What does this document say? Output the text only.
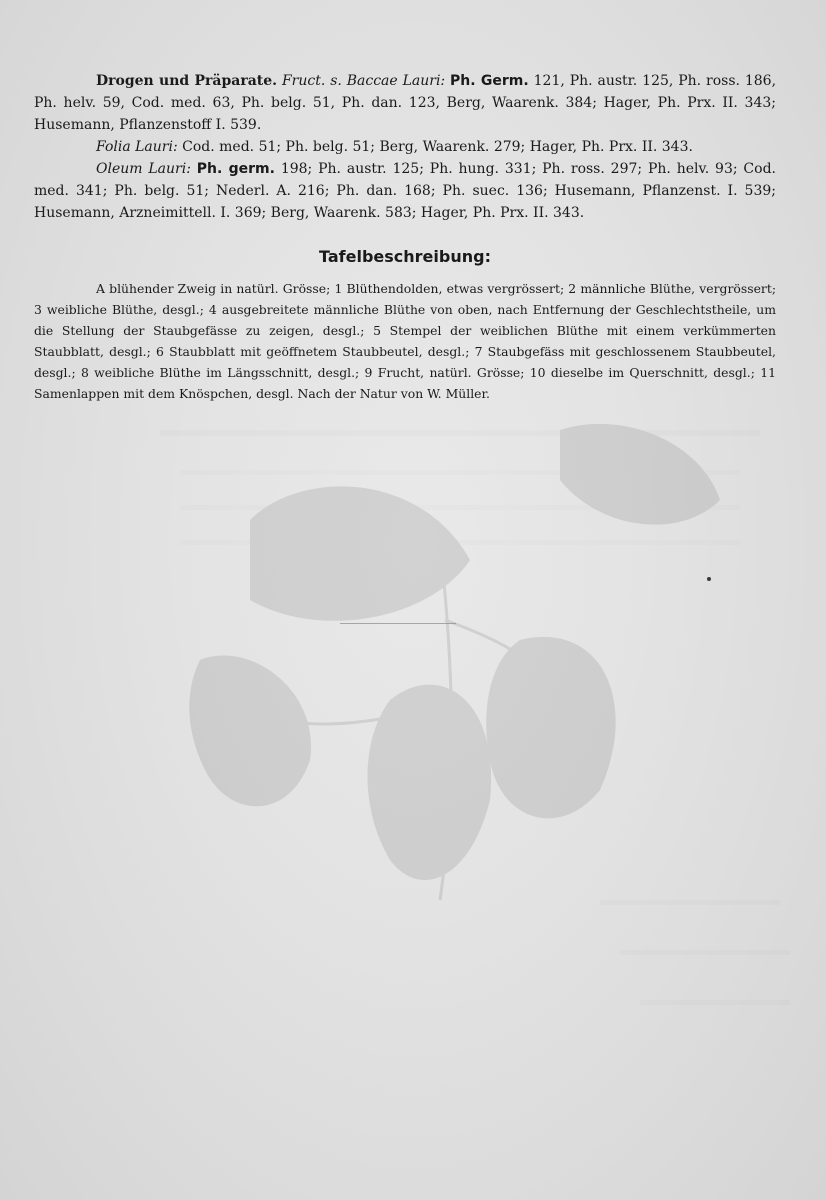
Drogen und Präparate. Fruct. s. Baccae Lauri: Ph. Germ. 121, Ph. austr. 125, Ph. ross. 186, Ph. helv. 59, Cod. med. 63, Ph. belg. 51, Ph. dan. 123, Berg, Waarenk. 384; Hager, Ph. Prx. II. 343; Husemann, Pflanzenstoff I. 539.

Folia Lauri: Cod. med. 51; Ph. belg. 51; Berg, Waarenk. 279; Hager, Ph. Prx. II. 343.

Oleum Lauri: Ph. germ. 198; Ph. austr. 125; Ph. hung. 331; Ph. ross. 297; Ph. helv. 93; Cod. med. 341; Ph. belg. 51; Nederl. A. 216; Ph. dan. 168; Ph. suec. 136; Husemann, Pflanzenst. I. 539; Husemann, Arzneimittell. I. 369; Berg, Waarenk. 583; Hager, Ph. Prx. II. 343.

Tafelbeschreibung:

A blühender Zweig in natürl. Grösse; 1 Blüthendolden, etwas vergrössert; 2 männliche Blüthe, vergrössert; 3 weibliche Blüthe, desgl.; 4 ausgebreitete männliche Blüthe von oben, nach Entfernung der Geschlechtstheile, um die Stellung der Staubgefässe zu zeigen, desgl.; 5 Stempel der weiblichen Blüthe mit einem verkümmerten Staubblatt, desgl.; 6 Staubblatt mit geöffnetem Staubbeutel, desgl.; 7 Staubgefäss mit geschlossenem Staubbeutel, desgl.; 8 weibliche Blüthe im Längsschnitt, desgl.; 9 Frucht, natürl. Grösse; 10 dieselbe im Querschnitt, desgl.; 11 Samenlappen mit dem Knöspchen, desgl. Nach der Natur von W. Müller.
